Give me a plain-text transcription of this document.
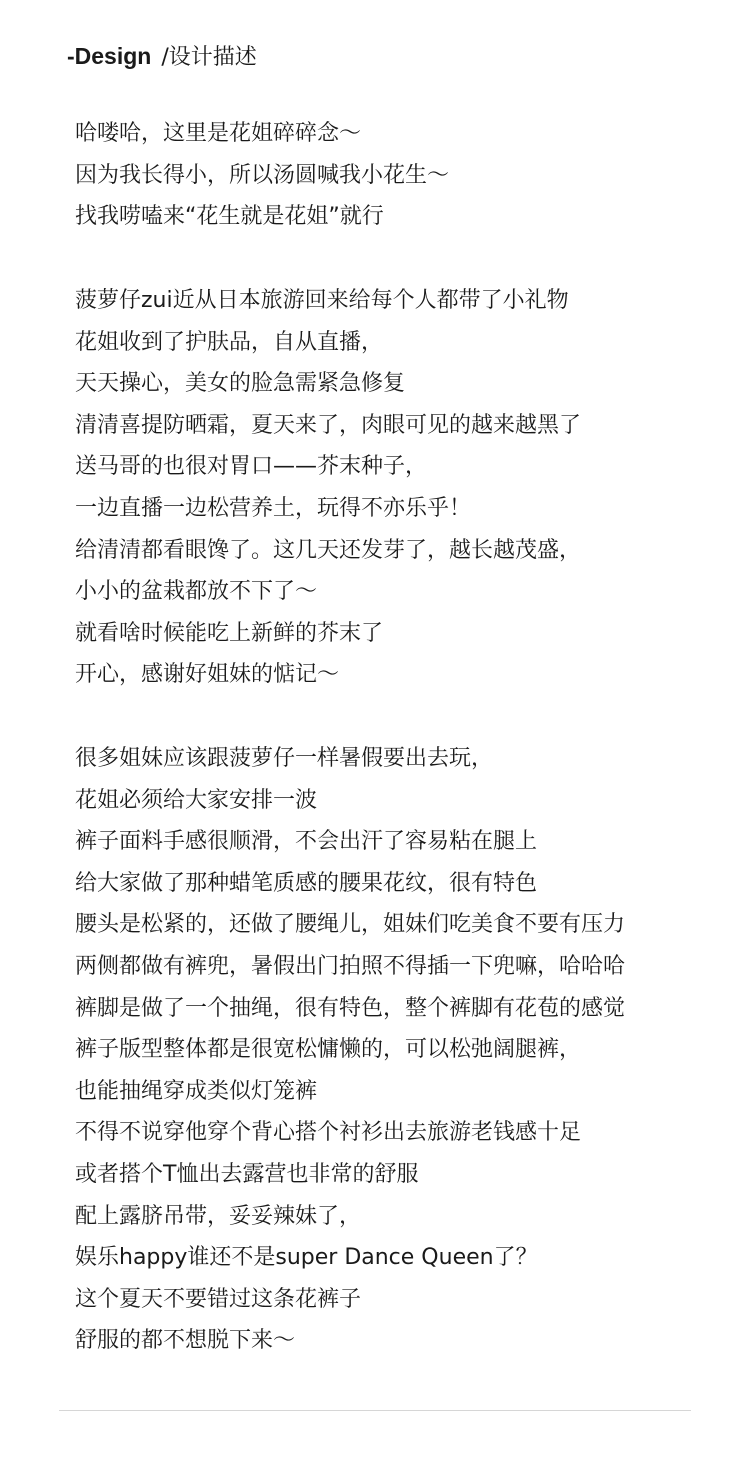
-Design /设计描述
哈喽哈，这里是花姐碎碎念～
因为我长得小，所以汤圆喊我小花生～
找我唠嗑来“花生就是花姐”就行
菠萝仔zui近从日本旅游回来给每个人都带了小礼物
花姐收到了护肤品，自从直播，
天天操心，美女的脸急需紧急修复
清清喜提防晒霜，夏天来了，肉眼可见的越来越黑了
送马哥的也很对胃口——芥末种子，
一边直播一边松营养土，玩得不亦乐乎！
给清清都看眼馋了。这几天还发芽了，越长越茂盛，
小小的盆栽都放不下了～
就看啥时候能吃上新鲜的芥末了
开心，感谢好姐妹的惦记～
很多姐妹应该跟菠萝仔一样暑假要出去玩，
花姐必须给大家安排一波
裤子面料手感很顺滑，不会出汗了容易粘在腿上
给大家做了那种蜡笔质感的腰果花纹，很有特色
腰头是松紧的，还做了腰绳儿，姐妹们吃美食不要有压力
两侧都做有裤兜，暑假出门拍照不得插一下兜嘛，哈哈哈
裤脚是做了一个抽绳，很有特色，整个裤脚有花苞的感觉
裤子版型整体都是很宽松慵懒的，可以松弛阔腿裤，
也能抽绳穿成类似灯笼裤
不得不说穿他穿个背心搭个衬衫出去旅游老钱感十足
或者搭个T恤出去露营也非常的舒服
配上露脐吊带，妥妥辣妹了，
娱乐happy谁还不是super Dance Queen了？
这个夏天不要错过这条花裤子
舒服的都不想脱下来～
